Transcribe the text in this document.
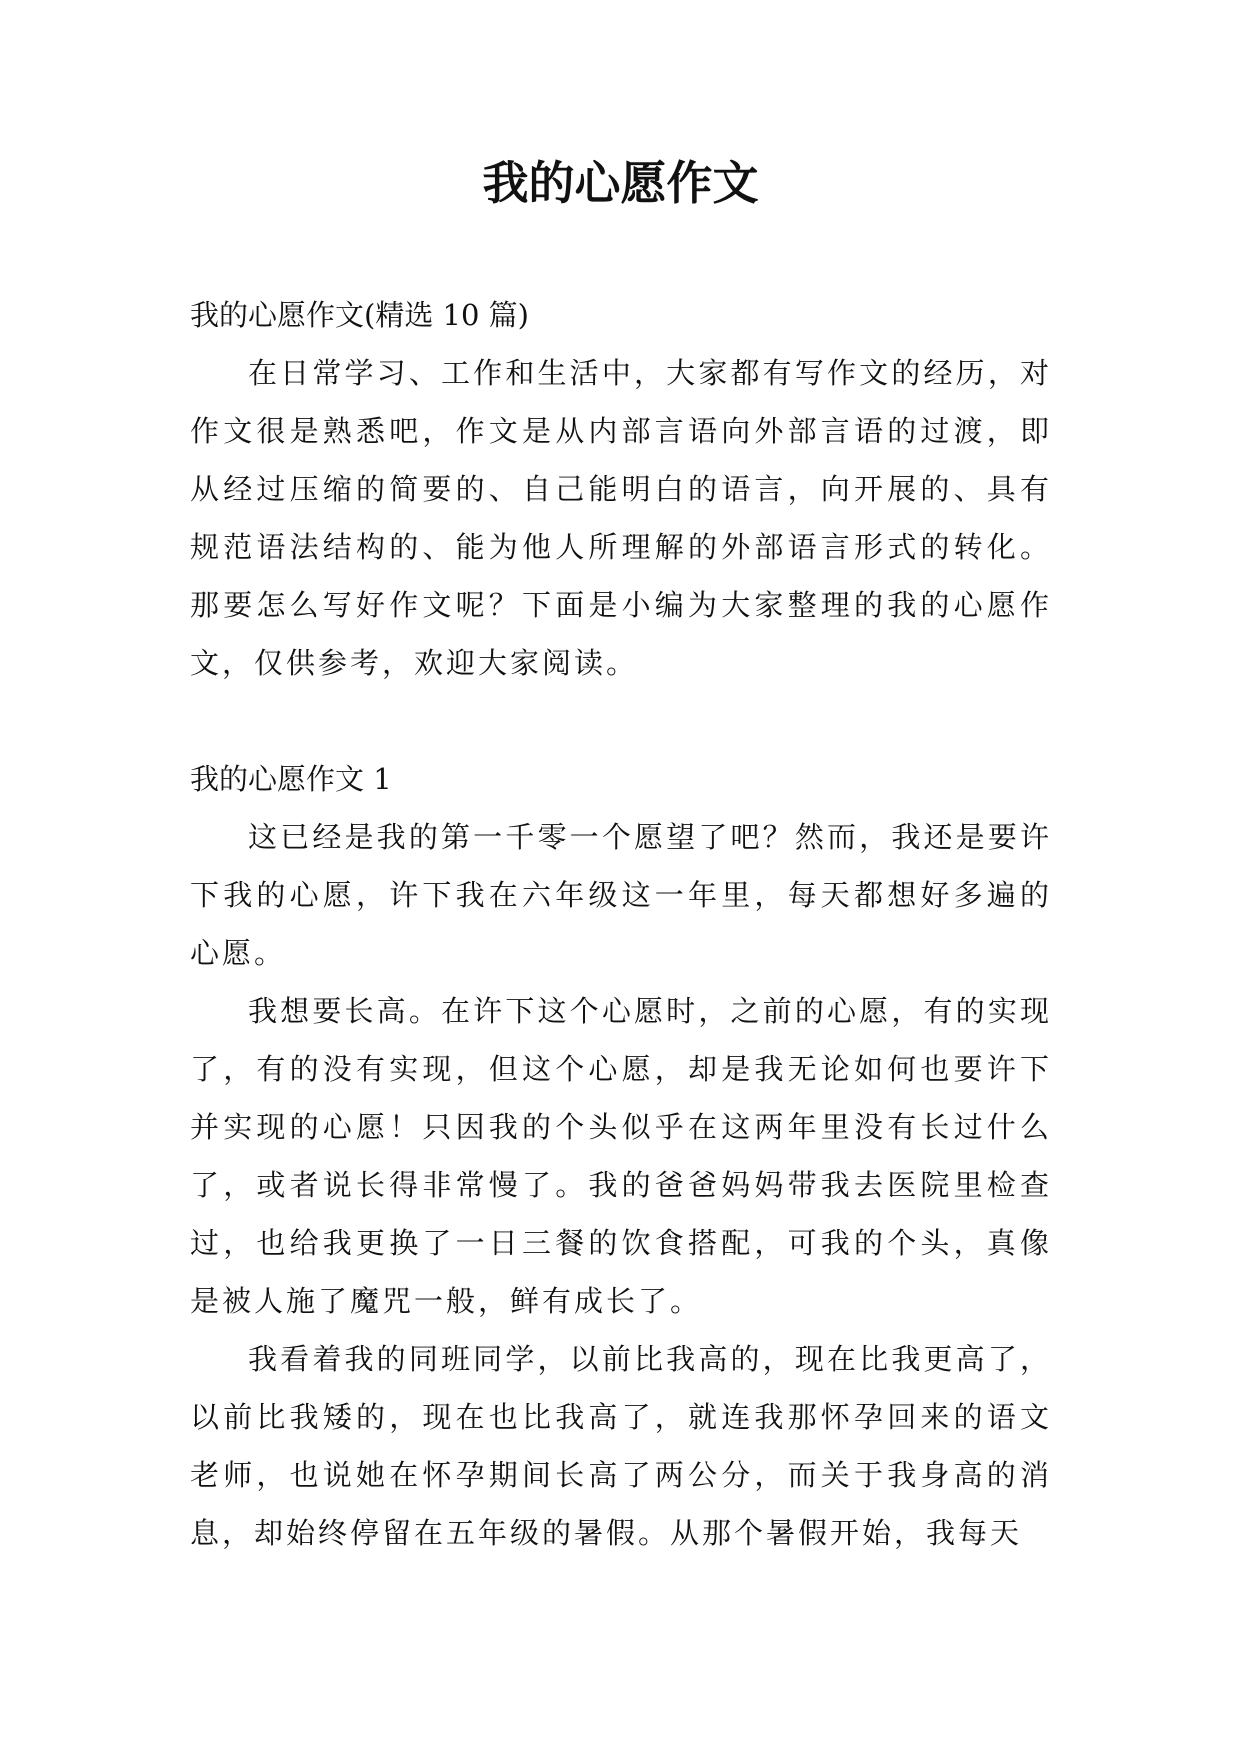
我的心愿作文

我的心愿作文(精选 10 篇)

在日常学习、工作和生活中，大家都有写作文的经历，对作文很是熟悉吧，作文是从内部言语向外部言语的过渡，即从经过压缩的简要的、自己能明白的语言，向开展的、具有规范语法结构的、能为他人所理解的外部语言形式的转化。那要怎么写好作文呢？下面是小编为大家整理的我的心愿作文，仅供参考，欢迎大家阅读。

我的心愿作文 1

这已经是我的第一千零一个愿望了吧？然而，我还是要许下我的心愿，许下我在六年级这一年里，每天都想好多遍的心愿。

我想要长高。在许下这个心愿时，之前的心愿，有的实现了，有的没有实现，但这个心愿，却是我无论如何也要许下并实现的心愿！只因我的个头似乎在这两年里没有长过什么了，或者说长得非常慢了。我的爸爸妈妈带我去医院里检查过，也给我更换了一日三餐的饮食搭配，可我的个头，真像是被人施了魔咒一般，鲜有成长了。

我看着我的同班同学，以前比我高的，现在比我更高了，以前比我矮的，现在也比我高了，就连我那怀孕回来的语文老师，也说她在怀孕期间长高了两公分，而关于我身高的消息，却始终停留在五年级的暑假。从那个暑假开始，我每天
